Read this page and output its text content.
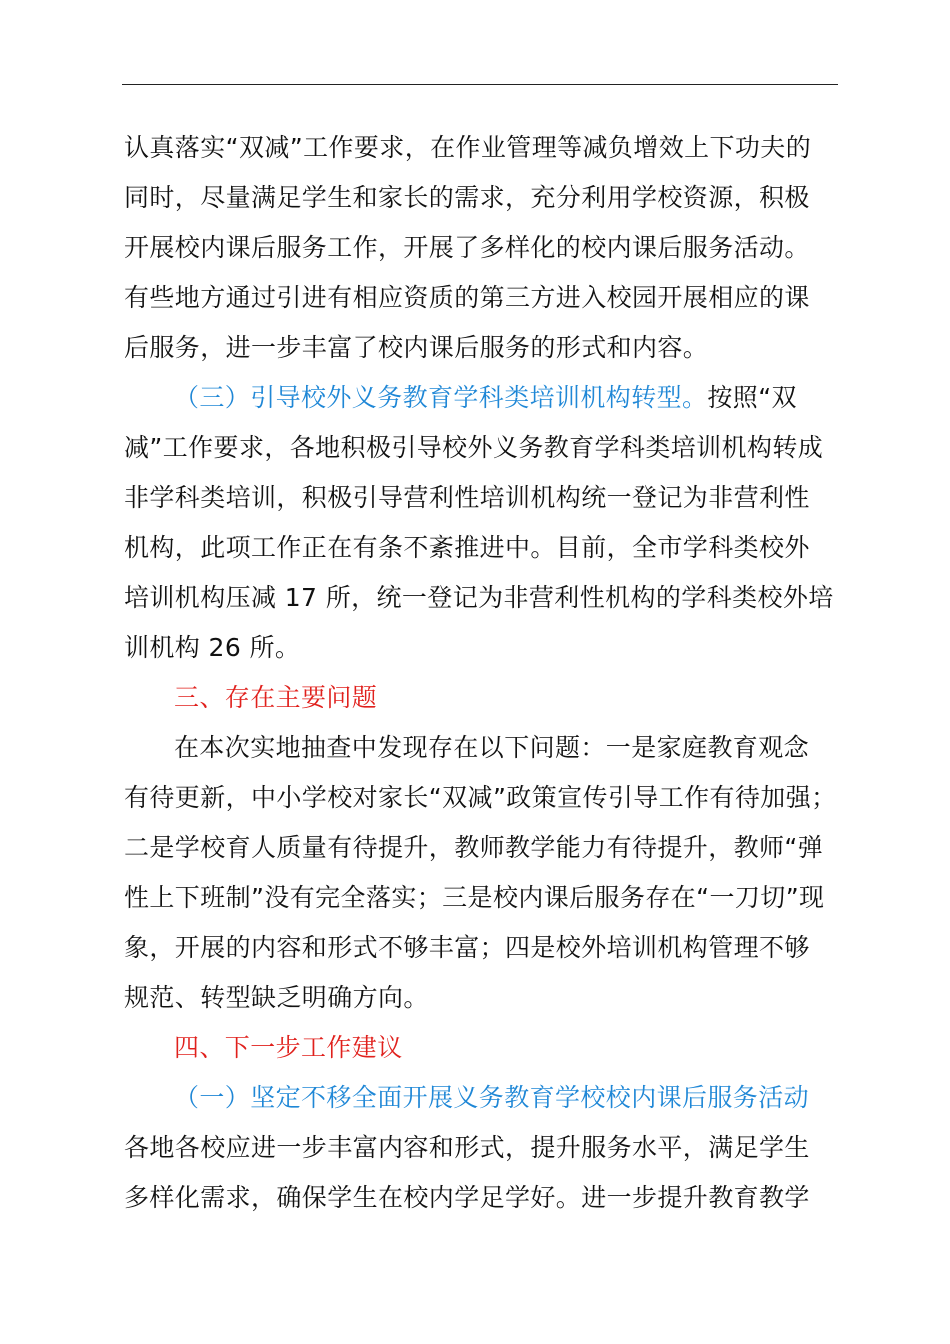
认真落实“双减”工作要求，在作业管理等减负增效上下功夫的
同时，尽量满足学生和家长的需求，充分利用学校资源，积极
开展校内课后服务工作，开展了多样化的校内课后服务活动。
有些地方通过引进有相应资质的第三方进入校园开展相应的课
后服务，进一步丰富了校内课后服务的形式和内容。
（三）引导校外义务教育学科类培训机构转型。按照“双
减”工作要求，各地积极引导校外义务教育学科类培训机构转成
非学科类培训，积极引导营利性培训机构统一登记为非营利性
机构，此项工作正在有条不紊推进中。目前，全市学科类校外
培训机构压减 17 所，统一登记为非营利性机构的学科类校外培
训机构 26 所。
三、存在主要问题
在本次实地抽查中发现存在以下问题：一是家庭教育观念
有待更新，中小学校对家长“双减”政策宣传引导工作有待加强；
二是学校育人质量有待提升，教师教学能力有待提升，教师“弹
性上下班制”没有完全落实；三是校内课后服务存在“一刀切”现
象，开展的内容和形式不够丰富；四是校外培训机构管理不够
规范、转型缺乏明确方向。
四、下一步工作建议
（一）坚定不移全面开展义务教育学校校内课后服务活动
各地各校应进一步丰富内容和形式，提升服务水平，满足学生
多样化需求，确保学生在校内学足学好。进一步提升教育教学
